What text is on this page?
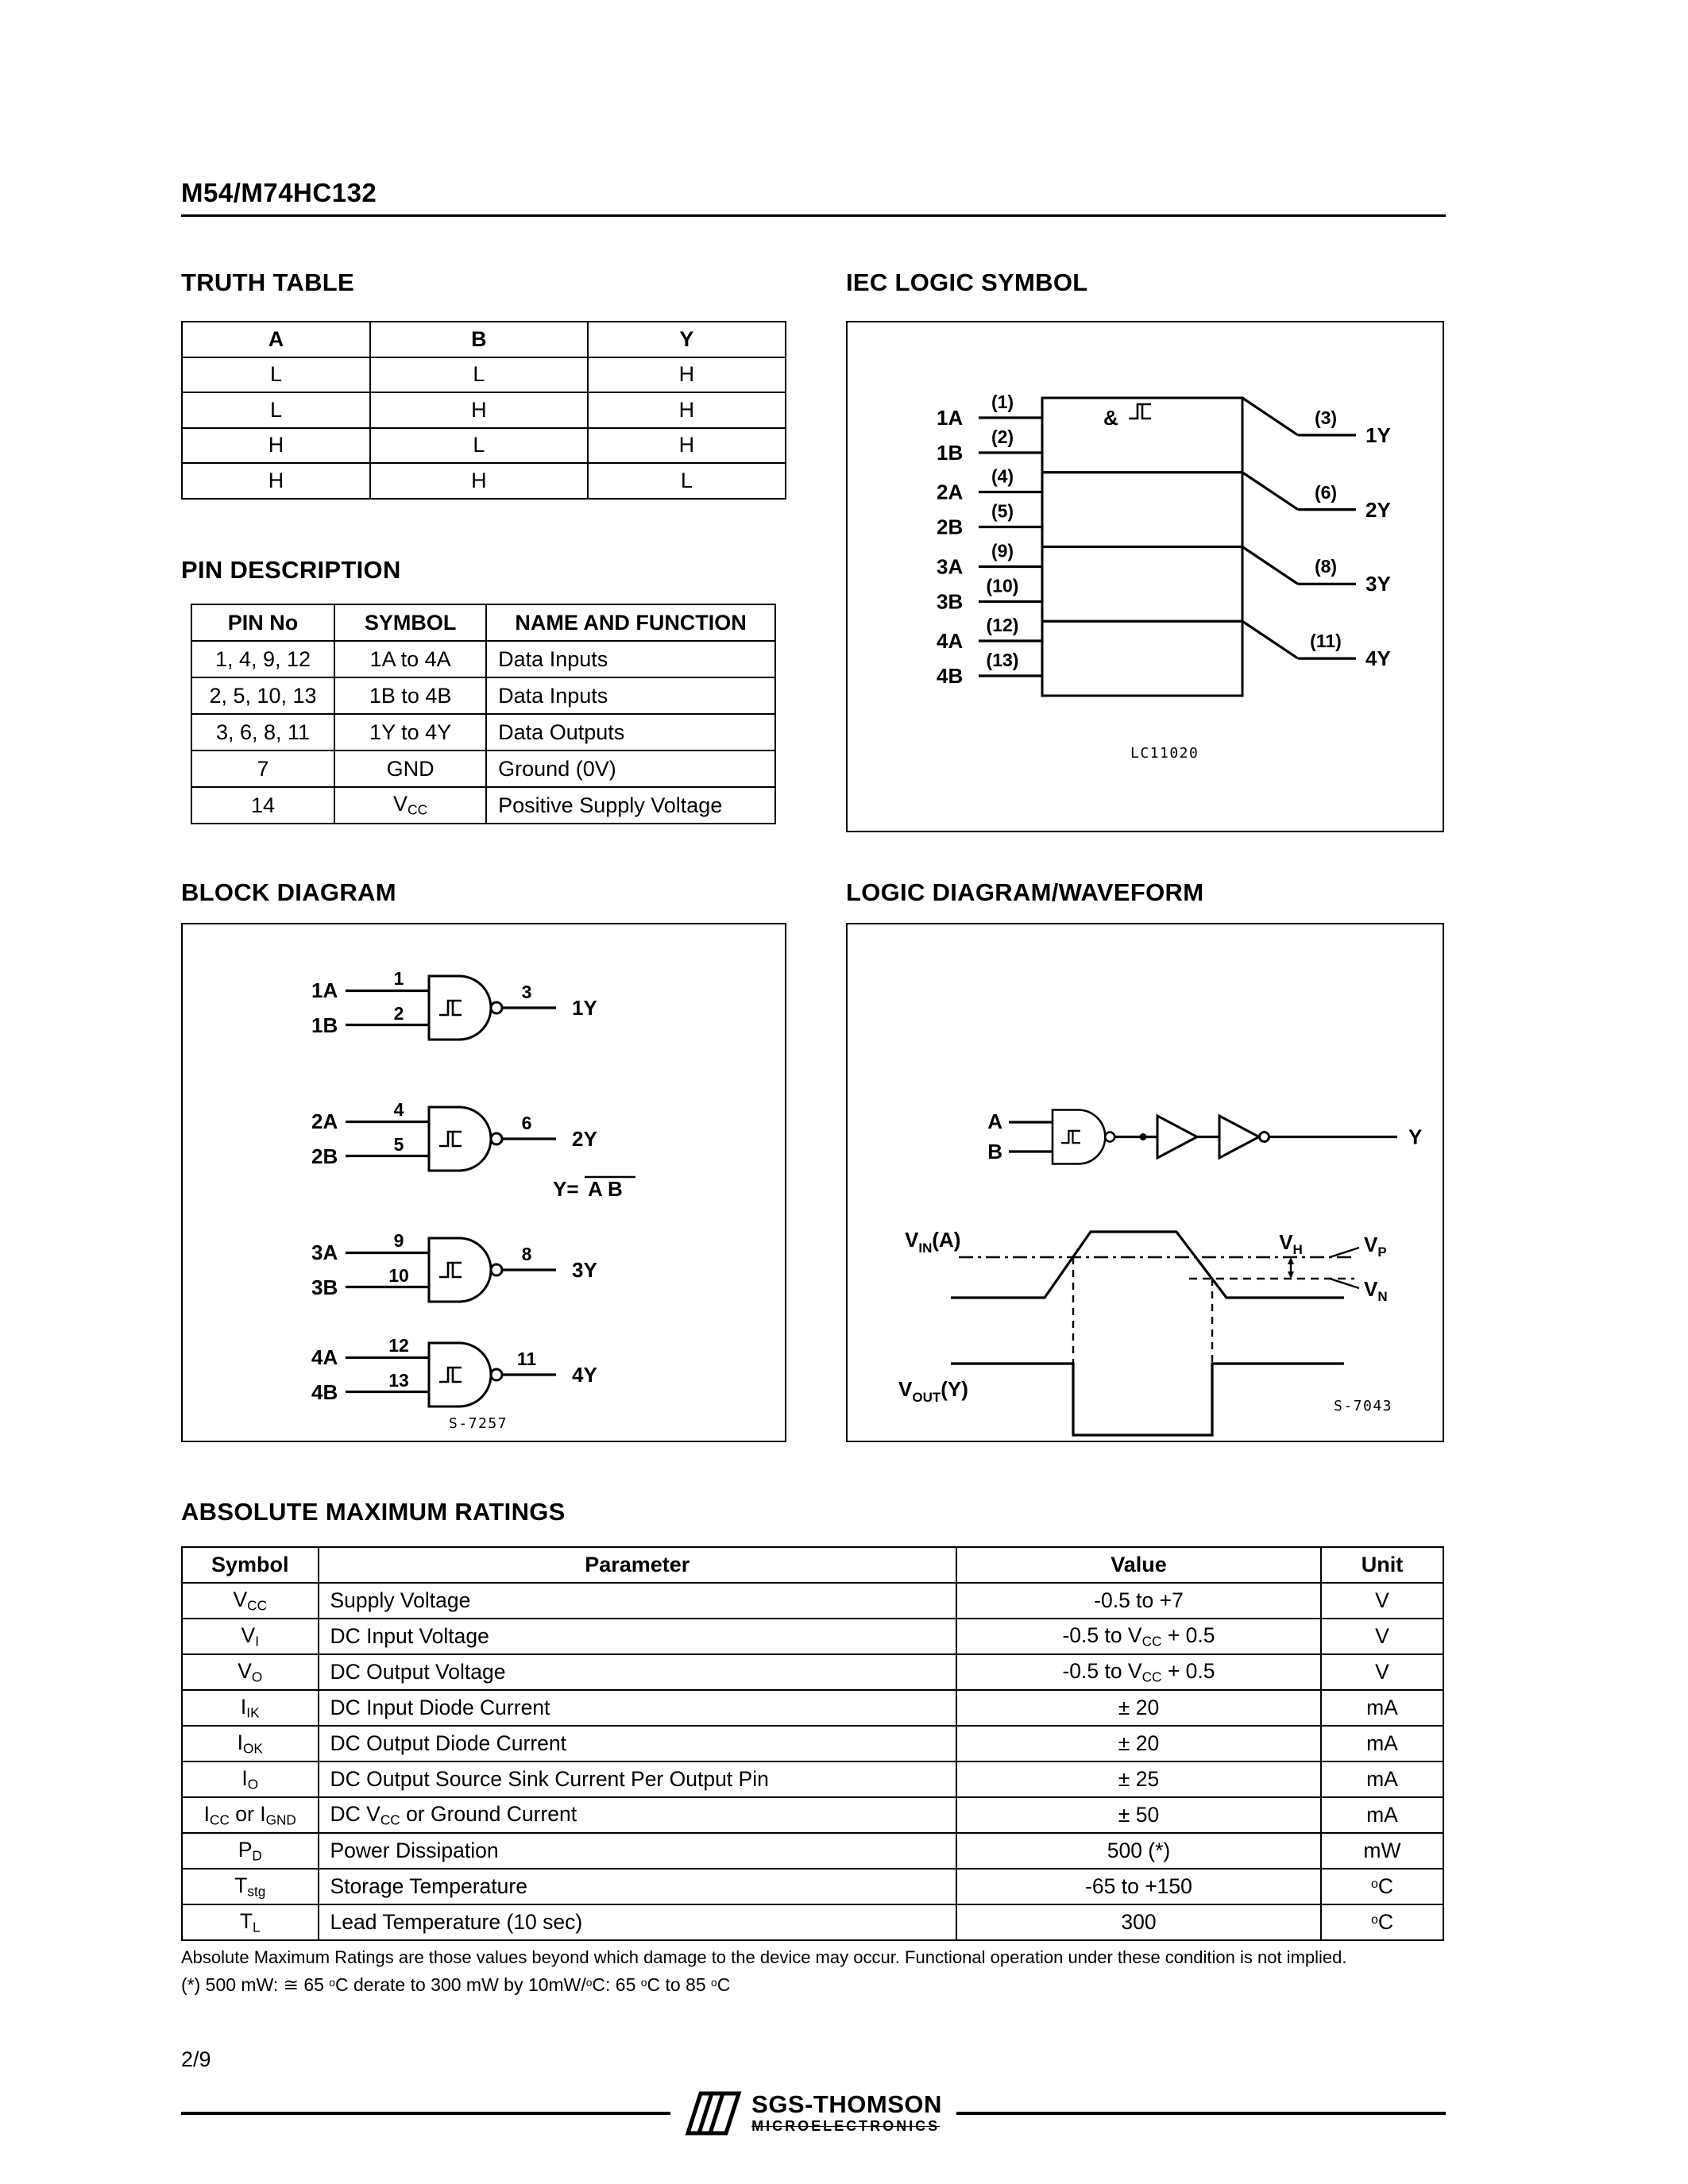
M54/M74HC132
TRUTH TABLE
A	B	Y
L	L	H
L	H	H
H	L	H
H	H	L
IEC LOGIC SYMBOL
&
1A
(1)
1B
(2)
2A
(4)
2B
(5)
3A
(9)
3B
(10)
4A
(12)
4B
(13)
(3)
1Y
(6)
2Y
(8)
3Y
(11)
4Y
LC11020
PIN DESCRIPTION
PIN No	SYMBOL	NAME AND FUNCTION
1, 4, 9, 12	1A to 4A	Data Inputs
2, 5, 10, 13	1B to 4B	Data Inputs
3, 6, 8, 11	1Y to 4Y	Data Outputs
7	GND	Ground (0V)
14	$V_{CC}$	Positive Supply Voltage
BLOCK DIAGRAM
1A
1B
1
2
3
1Y
2A
2B
4
5
6
2Y
Y= A B
3A
3B
9
10
8
3Y
4A
4B
12
13
11
4Y
S-7257
LOGIC DIAGRAM/WAVEFORM
A
B
Y
$V_{IN}(A)$	$V_H$	$V_P$
$V_N$
$V_{OUT}(Y)$
S-7043
ABSOLUTE MAXIMUM RATINGS
Symbol	Parameter	Value	Unit
$V_{CC}$	Supply Voltage	-0.5 to +7	V
$V_I$	DC Input Voltage	-0.5 to $V_{CC} + 0.5$	V
$V_O$	DC Output Voltage	-0.5 to $V_{CC} + 0.5$	V
$I_{IK}$	DC Input Diode Current	± 20	mA
$I_{OK}$	DC Output Diode Current	± 20	mA
$I_O$	DC Output Source Sink Current Per Output Pin	± 25	mA
$I_{CC}$ or $I_{GND}$	DC $V_{CC}$ or Ground Current	± 50	mA
$P_D$	Power Dissipation	500 (*)	mW
$T_{stg}$	Storage Temperature	-65 to +150	$^o$C
$T_L$	Lead Temperature (10 sec)	300	$^o$C
Absolute Maximum Ratings are those values beyond which damage to the device may occur. Functional operation under these condition is not implied.
(*) 500 mW: ≅ 65 $^o$C derate to 300 mW by 10mW/$^o$C: 65 $^o$C to 85 $^o$C
2/9
SGS-THOMSON
MICROELECTRONICS
